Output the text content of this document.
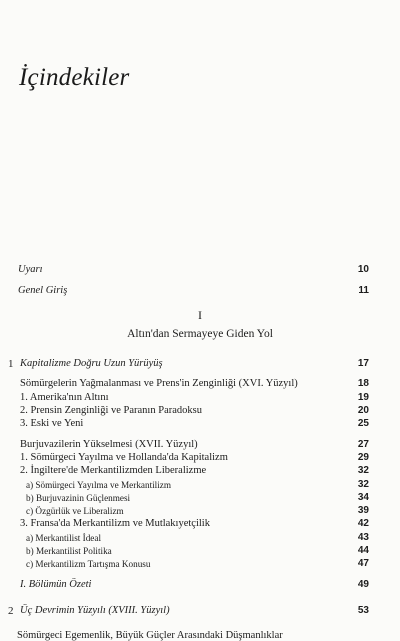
İçindekiler
Uyarı	10
Genel Giriş	11
I
Altın'dan Sermayeye Giden Yol
1 Kapitalizme Doğru Uzun Yürüyüş	17
Sömürgelerin Yağmalanması ve Prens'in Zenginliği (XVI. Yüzyıl)	18
1. Amerika'nın Altını	19
2. Prensin Zenginliği ve Paranın Paradoksu	20
3. Eski ve Yeni	25
Burjuvazilerin Yükselmesi (XVII. Yüzyıl)	27
1. Sömürgeci Yayılma ve Hollanda'da Kapitalizm	29
2. İngiltere'de Merkantilizmden Liberalizme	32
a) Sömürgeci Yayılma ve Merkantilizm	32
b) Burjuvazinin Güçlenmesi	34
c) Özgürlük ve Liberalizm	39
3. Fransa'da Merkantilizm ve Mutlakıyetçilik	42
a) Merkantilist İdeal	43
b) Merkantilist Politika	44
c) Merkantilizm Tartışma Konusu	47
I. Bölümün Özeti	49
2 Üç Devrimin Yüzyılı (XVIII. Yüzyıl)	53
Sömürgeci Egemenlik, Büyük Güçler Arasındaki Düşmanlıklar
